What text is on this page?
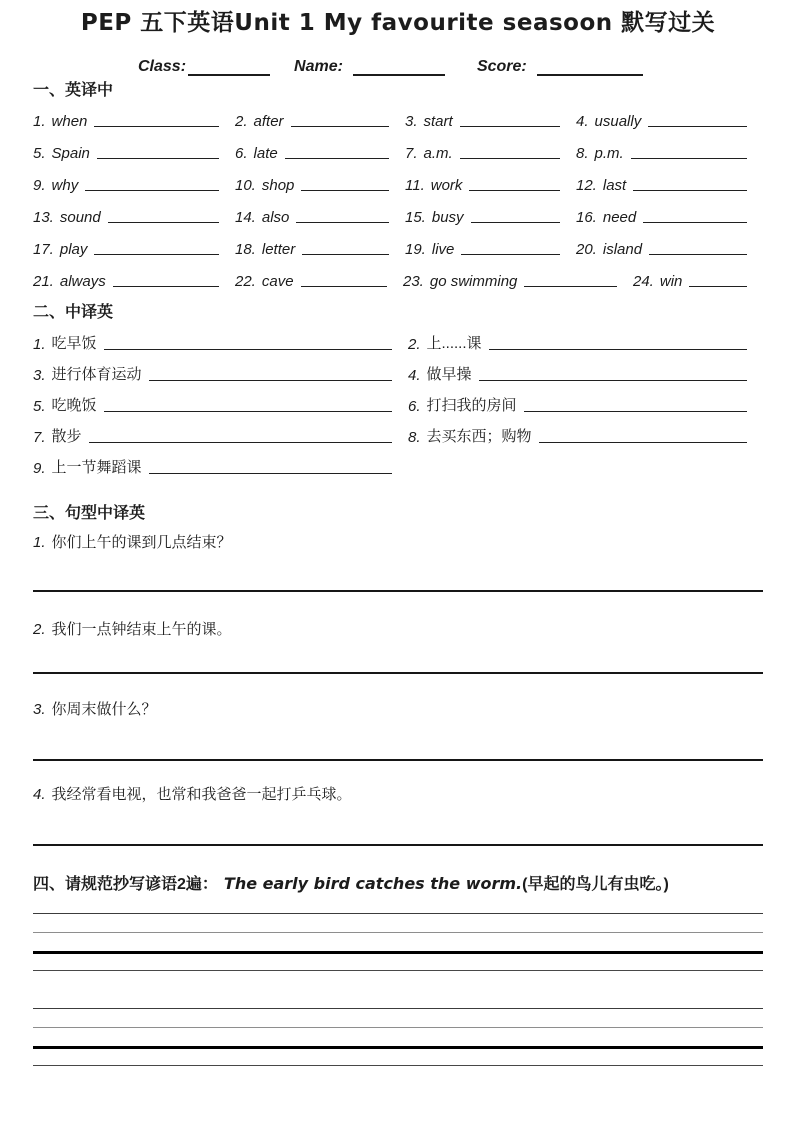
PEP 五下英语Unit 1 My favourite seasoon 默写过关
Class:	Name:	Score:
一、英译中
1. when	2. after	3. start	4. usually
5. Spain	6. late	7. a.m.	8. p.m.
9. why	10. shop	11. work	12. last
13. sound	14. also	15. busy	16. need
17. play	18. letter	19. live	20. island
21. always	22. cave	23. go swimming	24. win
二、中译英
1. 吃早饭	2. 上......课
3. 进行体育运动	4. 做早操
5. 吃晚饭	6. 打扫我的房间
7. 散步	8. 去买东西；购物
9. 上一节舞蹈课
三、句型中译英
1. 你们上午的课到几点结束？
2. 我们一点钟结束上午的课。
3. 你周末做什么？
4. 我经常看电视，也常和我爸爸一起打乒乓球。
四、请规范抄写谚语2遍： The early bird catches the worm.(早起的鸟儿有虫吃。)
